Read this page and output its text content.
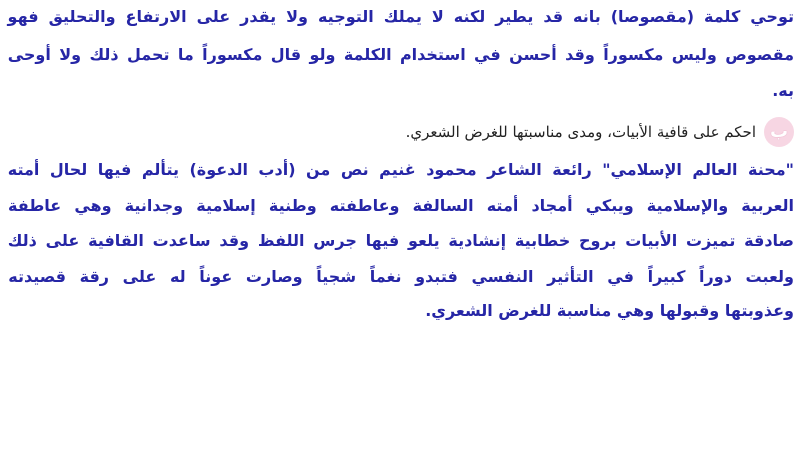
توحي كلمة (مقصوصا) بانه قد يطير لكنه لا يملك التوجيه ولا يقدر على الارتفاع والتحليق فهو
مقصوص وليس مكسوراً وقد أحسن في استخدام الكلمة ولو قال مكسوراً ما تحمل ذلك ولا أوحى
به.
ب
احكم على قافية الأبيات، ومدى مناسبتها للغرض الشعري.
"محنة العالم الإسلامي" رائعة الشاعر محمود غنيم نص من (أدب الدعوة) يتألم فيها لحال أمته
العربية والإسلامية ويبكي أمجاد أمته السالفة وعاطفته وطنية إسلامية وجدانية وهي عاطفة
صادقة تميزت الأبيات بروح خطابية إنشادية يلعو فيها جرس اللفظ وقد ساعدت القافية على ذلك
ولعبت دوراً كبيراً في التأثير النفسي فتبدو نغماً شجياً وصارت عوناً له على رقة قصيدته
وعذوبتها وقبولها وهي مناسبة للغرض الشعري.
